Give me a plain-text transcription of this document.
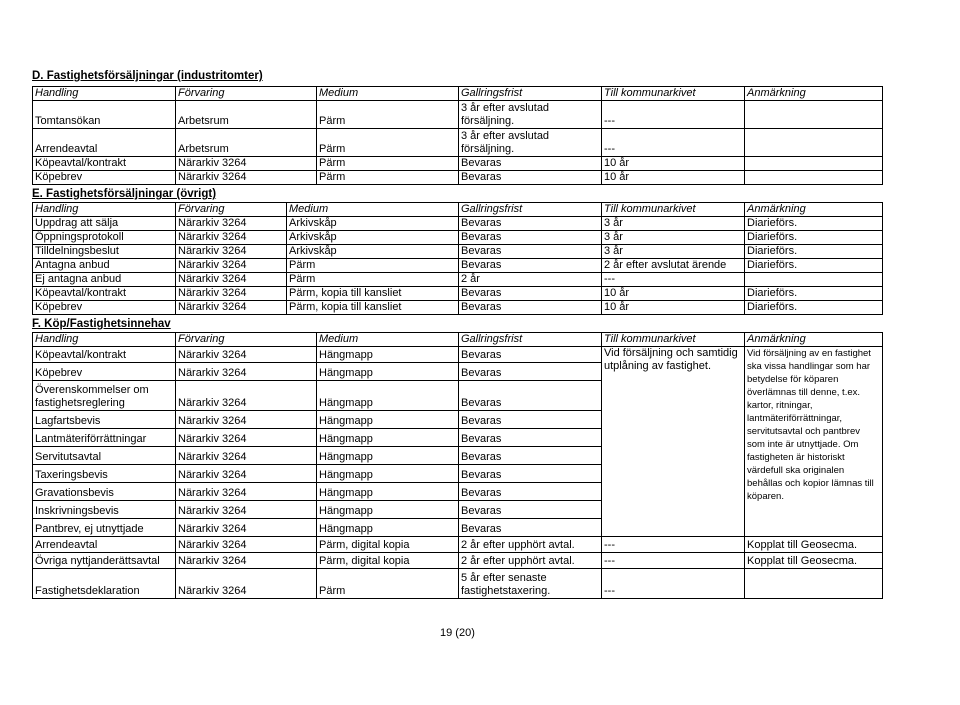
D. Fastighetsförsäljningar (industritomter)
Handling	Förvaring	Medium	Gallringsfrist	Till kommunarkivet	Anmärkning
Tomtansökan	Arbetsrum	Pärm	3 år efter avslutad försäljning.	---	
Arrendeavtal	Arbetsrum	Pärm	3 år efter avslutad försäljning.	---	
Köpeavtal/kontrakt	Närarkiv 3264	Pärm	Bevaras	10 år	
Köpebrev	Närarkiv 3264	Pärm	Bevaras	10 år	
E. Fastighetsförsäljningar (övrigt)
Handling	Förvaring	Medium	Gallringsfrist	Till kommunarkivet	Anmärkning
Uppdrag att sälja	Närarkiv 3264	Arkivskåp	Bevaras	3 år	Diarieförs.
Öppningsprotokoll	Närarkiv 3264	Arkivskåp	Bevaras	3 år	Diarieförs.
Tilldelningsbeslut	Närarkiv 3264	Arkivskåp	Bevaras	3 år	Diarieförs.
Antagna anbud	Närarkiv 3264	Pärm	Bevaras	2 år efter avslutat ärende	Diarieförs.
Ej antagna anbud	Närarkiv 3264	Pärm	2 år	---	
Köpeavtal/kontrakt	Närarkiv 3264	Pärm, kopia till kansliet	Bevaras	10 år	Diarieförs.
Köpebrev	Närarkiv 3264	Pärm, kopia till kansliet	Bevaras	10 år	Diarieförs.
F. Köp/Fastighetsinnehav
Handling	Förvaring	Medium	Gallringsfrist	Till kommunarkivet	Anmärkning
Köpeavtal/kontrakt	Närarkiv 3264	Hängmapp	Bevaras	Vid försäljning och samtidig utplåning av fastighet.	Vid försäljning av en fastighet ska vissa handlingar som har betydelse för köparen överlämnas till denne, t.ex. kartor, ritningar, lantmäteriförrättningar, servitutsavtal och pantbrev som inte är utnyttjade. Om fastigheten är historiskt värdefull ska originalen behållas och kopior lämnas till köparen.
Köpebrev	Närarkiv 3264	Hängmapp	Bevaras		
Överenskommelser om fastighetsreglering	Närarkiv 3264	Hängmapp	Bevaras		
Lagfartsbevis	Närarkiv 3264	Hängmapp	Bevaras		
Lantmäteriförrättningar	Närarkiv 3264	Hängmapp	Bevaras		
Servitutsavtal	Närarkiv 3264	Hängmapp	Bevaras		
Taxeringsbevis	Närarkiv 3264	Hängmapp	Bevaras		
Gravationsbevis	Närarkiv 3264	Hängmapp	Bevaras		
Inskrivningsbevis	Närarkiv 3264	Hängmapp	Bevaras		
Pantbrev, ej utnyttjade	Närarkiv 3264	Hängmapp	Bevaras		
Arrendeavtal	Närarkiv 3264	Pärm, digital kopia	2 år efter upphört avtal.	---	Kopplat till Geosecma.
Övriga nyttjanderättsavtal	Närarkiv 3264	Pärm, digital kopia	2 år efter upphört avtal.	---	Kopplat till Geosecma.
Fastighetsdeklaration	Närarkiv 3264	Pärm	5 år efter senaste fastighetstaxering.	---	
19 (20)
